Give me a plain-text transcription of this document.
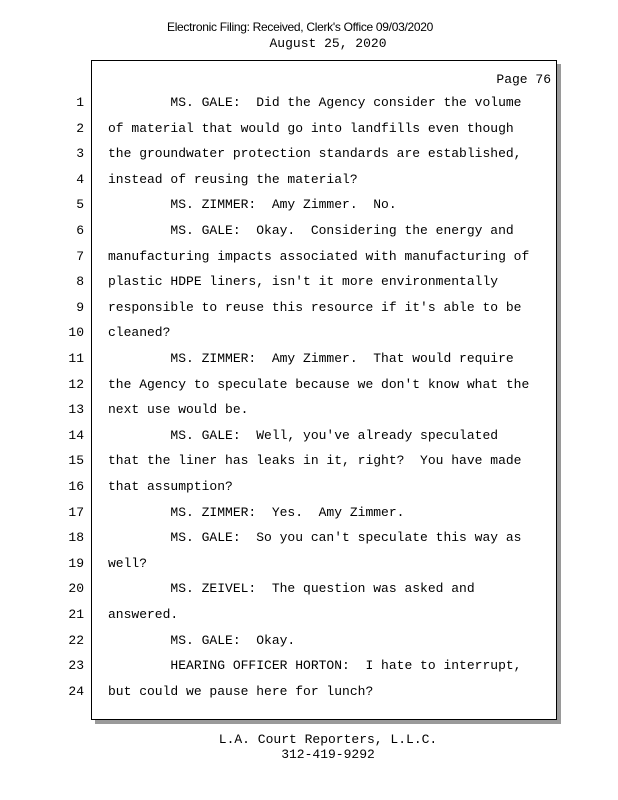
Electronic Filing: Received, Clerk's Office 09/03/2020
August 25, 2020
Page 76
1 MS. GALE:  Did the Agency consider the volume
2 of material that would go into landfills even though
3 the groundwater protection standards are established,
4 instead of reusing the material?
5 MS. ZIMMER:  Amy Zimmer.  No.
6 MS. GALE:  Okay.  Considering the energy and
7 manufacturing impacts associated with manufacturing of
8 plastic HDPE liners, isn't it more environmentally
9 responsible to reuse this resource if it's able to be
10 cleaned?
11 MS. ZIMMER:  Amy Zimmer.  That would require
12 the Agency to speculate because we don't know what the
13 next use would be.
14 MS. GALE:  Well, you've already speculated
15 that the liner has leaks in it, right?  You have made
16 that assumption?
17 MS. ZIMMER:  Yes.  Amy Zimmer.
18 MS. GALE:  So you can't speculate this way as
19 well?
20 MS. ZEIVEL:  The question was asked and
21 answered.
22 MS. GALE:  Okay.
23 HEARING OFFICER HORTON:  I hate to interrupt,
24 but could we pause here for lunch?
L.A. Court Reporters, L.L.C.
312-419-9292
